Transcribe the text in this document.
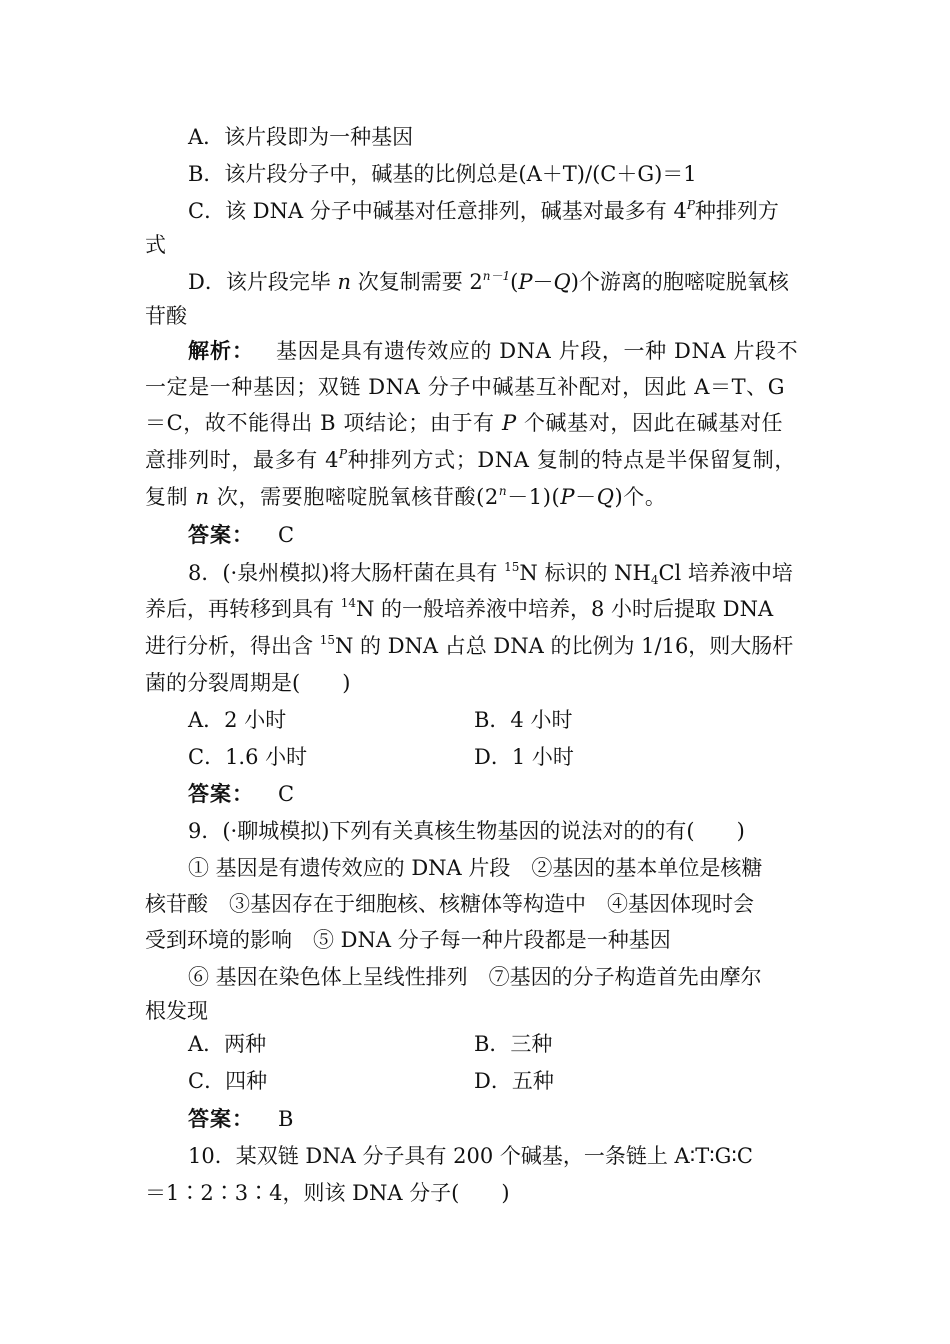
A．该片段即为一种基因
B．该片段分子中，碱基的比例总是(A＋T)/(C＋G)＝1
C．该 DNA 分子中碱基对任意排列，碱基对最多有 $4^P$种排列方
式
D．该片段完毕 n 次复制需要 $2^{n-1}(P-Q)$个游离的胞嘧啶脱氧核
苷酸
解析： 基因是具有遗传效应的 DNA 片段，一种 DNA 片段不
一定是一种基因；双链 DNA 分子中碱基互补配对，因此 A＝T、G
＝C，故不能得出 B 项结论；由于有 P 个碱基对，因此在碱基对任
意排列时，最多有 $4^P$种排列方式；DNA 复制的特点是半保留复制，
复制 n 次，需要胞嘧啶脱氧核苷酸$(2^n-1)(P-Q)$个。
答案： C
8．(·泉州模拟)将大肠杆菌在具有 $^{15}$N 标识的 $NH_4Cl$ 培养液中培
养后，再转移到具有 $^{14}$N 的一般培养液中培养，8 小时后提取 DNA
进行分析，得出含 $^{15}$N 的 DNA 占总 DNA 的比例为 1/16，则大肠杆
菌的分裂周期是(　　)
A．2 小时	B．4 小时
C．1.6 小时	D．1 小时
答案： C
9．(·聊城模拟)下列有关真核生物基因的说法对的的有(　　)
① 基因是有遗传效应的 DNA 片段　②基因的基本单位是核糖
核苷酸　③基因存在于细胞核、核糖体等构造中　④基因体现时会
受到环境的影响　⑤ DNA 分子每一种片段都是一种基因
⑥ 基因在染色体上呈线性排列　⑦基因的分子构造首先由摩尔
根发现
A．两种	B．三种
C．四种	D．五种
答案： B
10．某双链 DNA 分子具有 200 个碱基，一条链上 A∶T∶G∶C
＝1∶2∶3∶4，则该 DNA 分子(　　)
